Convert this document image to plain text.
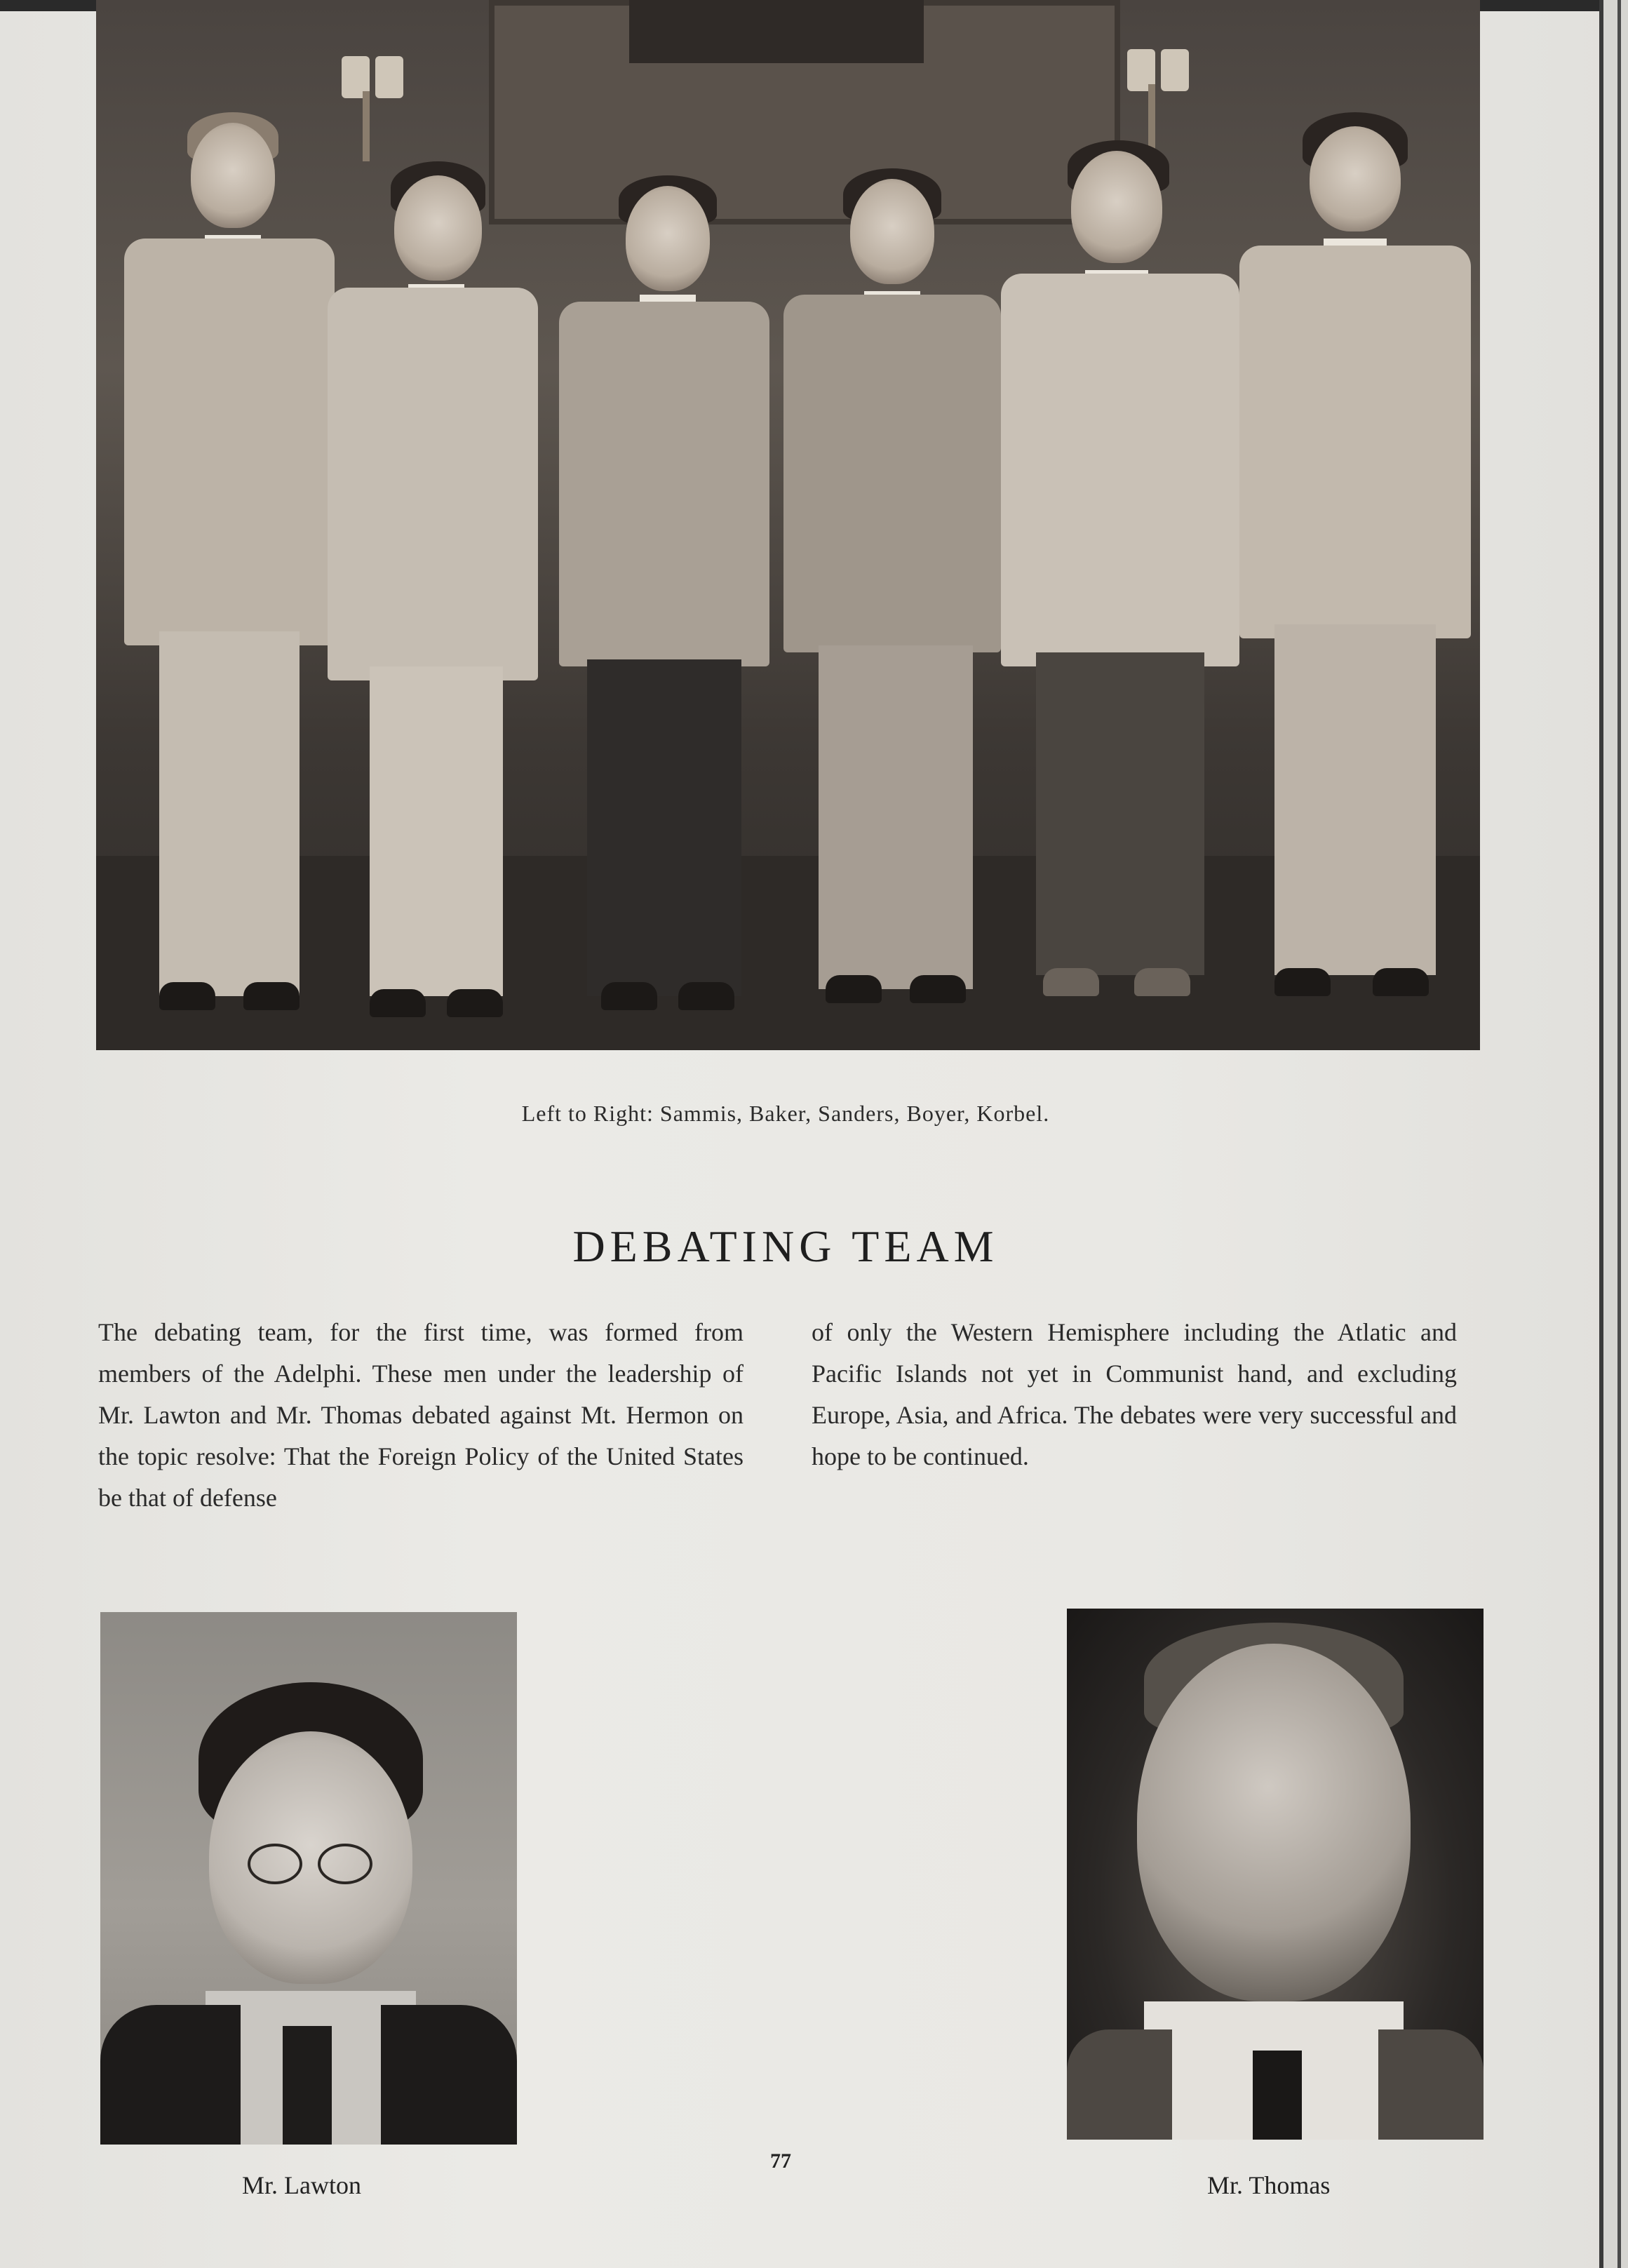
Left to Right: Sammis, Baker, Sanders, Boyer, Korbel.
DEBATING TEAM
The debating team, for the first time, was formed from members of the Adelphi. These men under the leadership of Mr. Lawton and Mr. Thomas debated against Mt. Hermon on the topic resolve: That the Foreign Policy of the United States be that of defense
of only the Western Hemisphere including the Atlatic and Pacific Islands not yet in Communist hand, and excluding Europe, Asia, and Africa. The debates were very successful and hope to be continued.
Mr. Lawton
77
Mr. Thomas
